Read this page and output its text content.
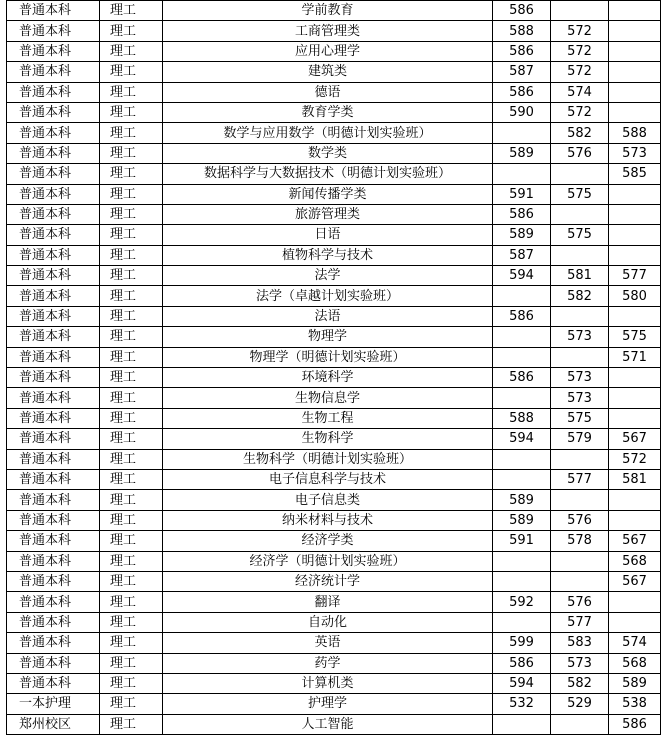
普通本科	理工	学前教育	586		
普通本科	理工	工商管理类	588	572	
普通本科	理工	应用心理学	586	572	
普通本科	理工	建筑类	587	572	
普通本科	理工	德语	586	574	
普通本科	理工	教育学类	590	572	
普通本科	理工	数学与应用数学（明德计划实验班）		582	588
普通本科	理工	数学类	589	576	573
普通本科	理工	数据科学与大数据技术（明德计划实验班）			585
普通本科	理工	新闻传播学类	591	575	
普通本科	理工	旅游管理类	586		
普通本科	理工	日语	589	575	
普通本科	理工	植物科学与技术	587		
普通本科	理工	法学	594	581	577
普通本科	理工	法学（卓越计划实验班）		582	580
普通本科	理工	法语	586		
普通本科	理工	物理学		573	575
普通本科	理工	物理学（明德计划实验班）			571
普通本科	理工	环境科学	586	573	
普通本科	理工	生物信息学		573	
普通本科	理工	生物工程	588	575	
普通本科	理工	生物科学	594	579	567
普通本科	理工	生物科学（明德计划实验班）			572
普通本科	理工	电子信息科学与技术		577	581
普通本科	理工	电子信息类	589		
普通本科	理工	纳米材料与技术	589	576	
普通本科	理工	经济学类	591	578	567
普通本科	理工	经济学（明德计划实验班）			568
普通本科	理工	经济统计学			567
普通本科	理工	翻译	592	576	
普通本科	理工	自动化		577	
普通本科	理工	英语	599	583	574
普通本科	理工	药学	586	573	568
普通本科	理工	计算机类	594	582	589
一本护理	理工	护理学	532	529	538
郑州校区	理工	人工智能			586
